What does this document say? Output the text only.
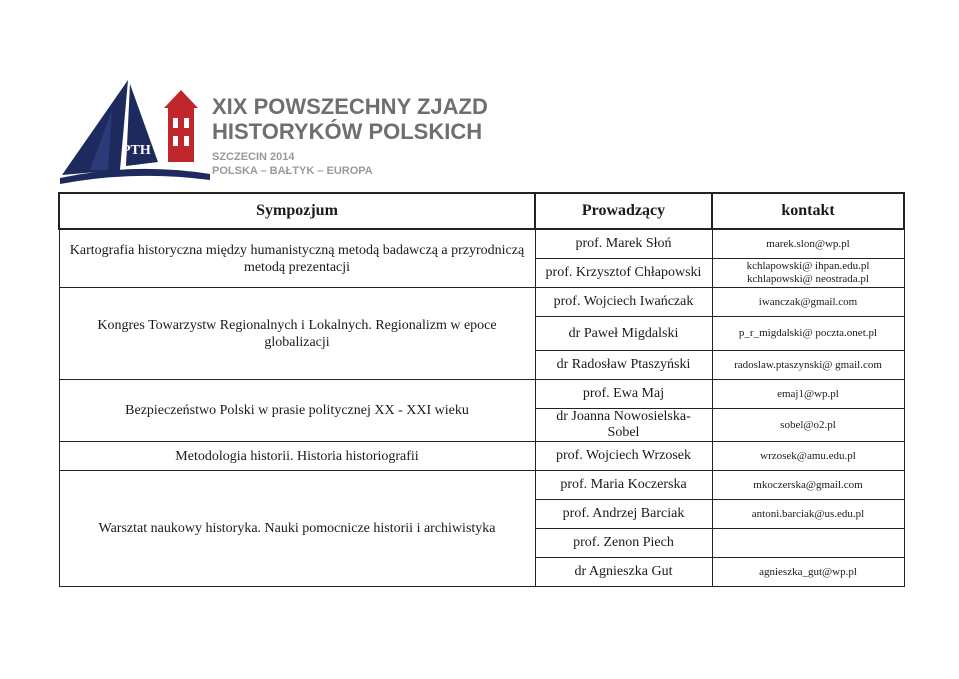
PTH
XIX POWSZECHNY ZJAZD
HISTORYKÓW POLSKICH
SZCZECIN 2014
POLSKA – BAŁTYK – EUROPA
Sympozjum	Prowadzący	kontakt
Kartografia historyczna między humanistyczną metodą badawczą a przyrodniczą metodą prezentacji	prof. Marek Słoń	marek.slon@wp.pl
	prof. Krzysztof Chłapowski	kchlapowski@ ihpan.edu.pl
kchlapowski@ neostrada.pl

	prof. Wojciech Iwańczak	iwanczak@gmail.com
Kongres Towarzystw Regionalnych i Lokalnych. Regionalizm w epoce globalizacji	dr Paweł Migdalski	p_r_migdalski@ poczta.onet.pl
	dr Radosław Ptaszyński	radoslaw.ptaszynski@ gmail.com
Bezpieczeństwo Polski w prasie politycznej XX - XXI wieku	prof. Ewa Maj	emaj1@wp.pl
	dr Joanna Nowosielska-Sobel	sobel@o2.pl
Metodologia historii. Historia historiografii	prof. Wojciech Wrzosek	wrzosek@amu.edu.pl
Warsztat naukowy historyka. Nauki pomocnicze historii i archiwistyka	prof. Maria Koczerska	mkoczerska@gmail.com
	prof. Andrzej Barciak	antoni.barciak@us.edu.pl
	prof. Zenon Piech	
	dr Agnieszka Gut	agnieszka_gut@wp.pl
